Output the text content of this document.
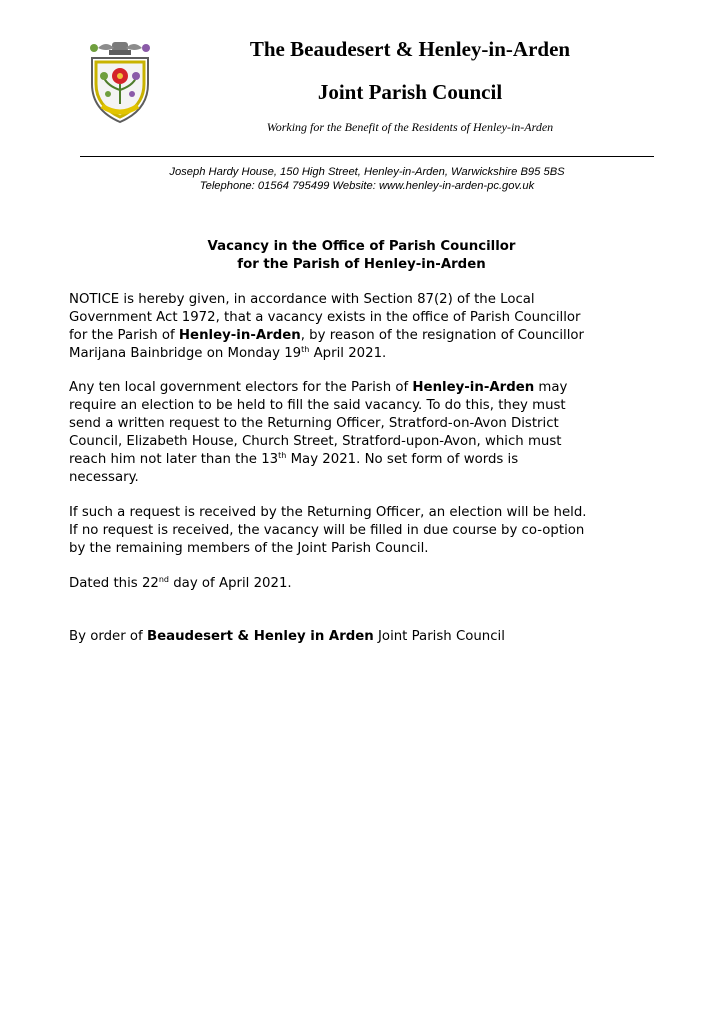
The Beaudesert & Henley-in-Arden
Joint Parish Council
Working for the Benefit of the Residents of Henley-in-Arden
Joseph Hardy House, 150 High Street, Henley-in-Arden, Warwickshire B95 5BS
Telephone: 01564 795499 Website: www.henley-in-arden-pc.gov.uk
Vacancy in the Office of Parish Councillor
for the Parish of Henley-in-Arden
NOTICE is hereby given, in accordance with Section 87(2) of the Local
Government Act 1972, that a vacancy exists in the office of Parish Councillor
for the Parish of Henley-in-Arden, by reason of the resignation of Councillor
Marijana Bainbridge on Monday 19th April 2021.
Any ten local government electors for the Parish of Henley-in-Arden may
require an election to be held to fill the said vacancy. To do this, they must
send a written request to the Returning Officer, Stratford-on-Avon District
Council, Elizabeth House, Church Street, Stratford-upon-Avon, which must
reach him not later than the 13th May 2021. No set form of words is
necessary.
If such a request is received by the Returning Officer, an election will be held.
If no request is received, the vacancy will be filled in due course by co-option
by the remaining members of the Joint Parish Council.
Dated this 22nd day of April 2021.
By order of Beaudesert & Henley in Arden Joint Parish Council
